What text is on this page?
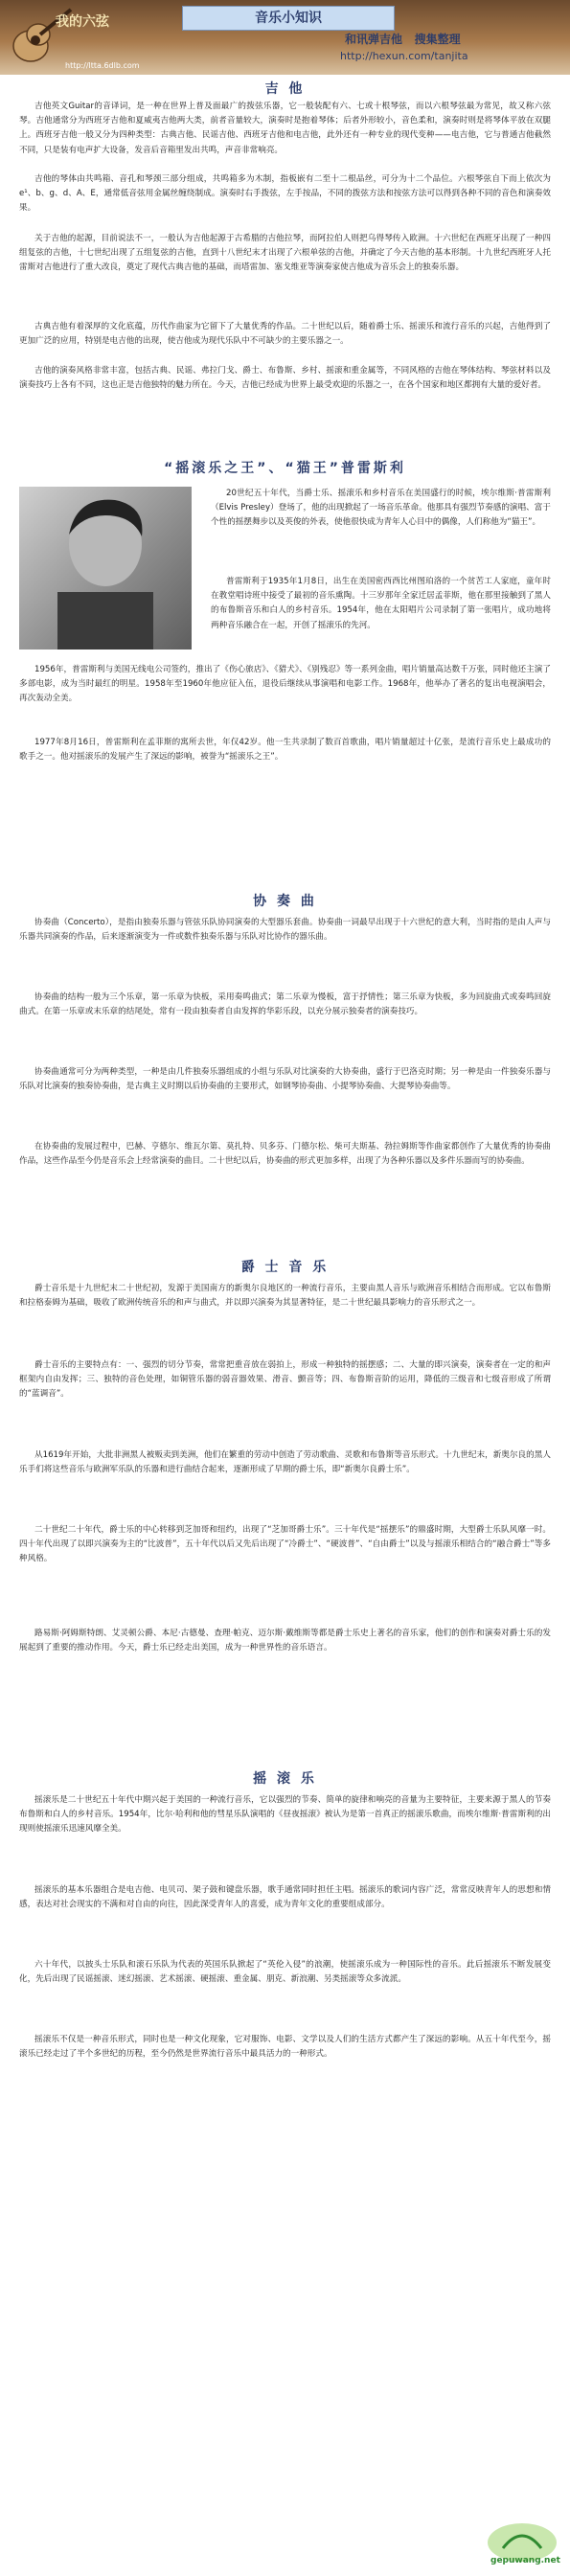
我的六弦
http://ltta.6dlb.com
音乐小知识
和讯弹吉他 搜集整理
http://hexun.com/tanjita
吉 他

吉他英文Guitar的音译词，是一种在世界上普及面最广的拨弦乐器，它一般装配有六、七或十根琴弦，而以六根琴弦最为常见，故又称六弦琴。吉他通常分为西班牙吉他和夏威夷吉他两大类，前者音量较大，演奏时是抱着琴体；后者外形较小，音色柔和，演奏时则是将琴体平放在双腿上。西班牙吉他一般又分为四种类型：古典吉他、民谣吉他、西班牙吉他和电吉他，此外还有一种专业的现代变种——电吉他，它与普通吉他截然不同，只是装有电声扩大设备，发音后音箱里发出共鸣，声音非常响亮。

吉他的琴体由共鸣箱、音孔和琴颈三部分组成，共鸣箱多为木制，指板嵌有二至十二根品丝，可分为十二个品位。六根琴弦自下而上依次为e¹、b、g、d、A、E，通常低音弦用金属丝缠绕制成。演奏时右手拨弦，左手按品，不同的拨弦方法和按弦方法可以得到各种不同的音色和演奏效果。

关于吉他的起源，目前说法不一，一般认为吉他起源于古希腊的吉他拉琴，而阿拉伯人则把乌得琴传入欧洲。十六世纪在西班牙出现了一种四组复弦的吉他，十七世纪出现了五组复弦的吉他，直到十八世纪末才出现了六根单弦的吉他，并确定了今天吉他的基本形制。十九世纪西班牙人托雷斯对吉他进行了重大改良，奠定了现代古典吉他的基础，而塔雷加、塞戈维亚等演奏家使吉他成为音乐会上的独奏乐器。

古典吉他有着深厚的文化底蕴，历代作曲家为它留下了大量优秀的作品。二十世纪以后，随着爵士乐、摇滚乐和流行音乐的兴起，吉他得到了更加广泛的应用，特别是电吉他的出现，使吉他成为现代乐队中不可缺少的主要乐器之一。

吉他的演奏风格非常丰富，包括古典、民谣、弗拉门戈、爵士、布鲁斯、乡村、摇滚和重金属等，不同风格的吉他在琴体结构、琴弦材料以及演奏技巧上各有不同，这也正是吉他独特的魅力所在。今天，吉他已经成为世界上最受欢迎的乐器之一，在各个国家和地区都拥有大量的爱好者。

“摇滚乐之王”、“猫王”普雷斯利

20世纪五十年代，当爵士乐、摇滚乐和乡村音乐在美国盛行的时候，埃尔维斯·普雷斯利（Elvis Presley）登场了，他的出现掀起了一场音乐革命。他那具有强烈节奏感的演唱、富于个性的摇摆舞步以及英俊的外表，使他很快成为青年人心目中的偶像，人们称他为“猫王”。

普雷斯利于1935年1月8日，出生在美国密西西比州图珀洛的一个贫苦工人家庭，童年时在教堂唱诗班中接受了最初的音乐熏陶。十三岁那年全家迁居孟菲斯，他在那里接触到了黑人的布鲁斯音乐和白人的乡村音乐。1954年，他在太阳唱片公司录制了第一张唱片，成功地将两种音乐融合在一起，开创了摇滚乐的先河。

1956年，普雷斯利与美国无线电公司签约，推出了《伤心旅店》、《猎犬》、《别残忍》等一系列金曲，唱片销量高达数千万张，同时他还主演了多部电影，成为当时最红的明星。1958年至1960年他应征入伍，退役后继续从事演唱和电影工作。1968年，他举办了著名的复出电视演唱会，再次轰动全美。

1977年8月16日，普雷斯利在孟菲斯的寓所去世，年仅42岁。他一生共录制了数百首歌曲，唱片销量超过十亿张，是流行音乐史上最成功的歌手之一。他对摇滚乐的发展产生了深远的影响，被誉为“摇滚乐之王”。

协 奏 曲

协奏曲（Concerto），是指由独奏乐器与管弦乐队协同演奏的大型器乐套曲。协奏曲一词最早出现于十六世纪的意大利，当时指的是由人声与乐器共同演奏的作品，后来逐渐演变为一件或数件独奏乐器与乐队对比协作的器乐曲。

协奏曲的结构一般为三个乐章，第一乐章为快板，采用奏鸣曲式；第二乐章为慢板，富于抒情性；第三乐章为快板，多为回旋曲式或奏鸣回旋曲式。在第一乐章或末乐章的结尾处，常有一段由独奏者自由发挥的华彩乐段，以充分展示独奏者的演奏技巧。

协奏曲通常可分为两种类型，一种是由几件独奏乐器组成的小组与乐队对比演奏的大协奏曲，盛行于巴洛克时期；另一种是由一件独奏乐器与乐队对比演奏的独奏协奏曲，是古典主义时期以后协奏曲的主要形式，如钢琴协奏曲、小提琴协奏曲、大提琴协奏曲等。

在协奏曲的发展过程中，巴赫、亨德尔、维瓦尔第、莫扎特、贝多芬、门德尔松、柴可夫斯基、勃拉姆斯等作曲家都创作了大量优秀的协奏曲作品，这些作品至今仍是音乐会上经常演奏的曲目。二十世纪以后，协奏曲的形式更加多样，出现了为各种乐器以及多件乐器而写的协奏曲。

爵 士 音 乐

爵士音乐是十九世纪末二十世纪初，发源于美国南方的新奥尔良地区的一种流行音乐，主要由黑人音乐与欧洲音乐相结合而形成。它以布鲁斯和拉格泰姆为基础，吸收了欧洲传统音乐的和声与曲式，并以即兴演奏为其显著特征，是二十世纪最具影响力的音乐形式之一。

爵士音乐的主要特点有：一、强烈的切分节奏，常常把重音放在弱拍上，形成一种独特的摇摆感；二、大量的即兴演奏，演奏者在一定的和声框架内自由发挥；三、独特的音色处理，如铜管乐器的弱音器效果、滑音、颤音等；四、布鲁斯音阶的运用，降低的三级音和七级音形成了所谓的“蓝调音”。

从1619年开始，大批非洲黑人被贩卖到美洲，他们在繁重的劳动中创造了劳动歌曲、灵歌和布鲁斯等音乐形式。十九世纪末，新奥尔良的黑人乐手们将这些音乐与欧洲军乐队的乐器和进行曲结合起来，逐渐形成了早期的爵士乐，即“新奥尔良爵士乐”。

二十世纪二十年代，爵士乐的中心转移到芝加哥和纽约，出现了“芝加哥爵士乐”。三十年代是“摇摆乐”的鼎盛时期，大型爵士乐队风靡一时。四十年代出现了以即兴演奏为主的“比波普”，五十年代以后又先后出现了“冷爵士”、“硬波普”、“自由爵士”以及与摇滚乐相结合的“融合爵士”等多种风格。

路易斯·阿姆斯特朗、艾灵顿公爵、本尼·古德曼、查理·帕克、迈尔斯·戴维斯等都是爵士乐史上著名的音乐家，他们的创作和演奏对爵士乐的发展起到了重要的推动作用。今天，爵士乐已经走出美国，成为一种世界性的音乐语言。

摇 滚 乐

摇滚乐是二十世纪五十年代中期兴起于美国的一种流行音乐，它以强烈的节奏、简单的旋律和响亮的音量为主要特征，主要来源于黑人的节奏布鲁斯和白人的乡村音乐。1954年，比尔·哈利和他的彗星乐队演唱的《昼夜摇滚》被认为是第一首真正的摇滚乐歌曲，而埃尔维斯·普雷斯利的出现则使摇滚乐迅速风靡全美。

摇滚乐的基本乐器组合是电吉他、电贝司、架子鼓和键盘乐器，歌手通常同时担任主唱。摇滚乐的歌词内容广泛，常常反映青年人的思想和情感，表达对社会现实的不满和对自由的向往，因此深受青年人的喜爱，成为青年文化的重要组成部分。

六十年代，以披头士乐队和滚石乐队为代表的英国乐队掀起了“英伦入侵”的浪潮，使摇滚乐成为一种国际性的音乐。此后摇滚乐不断发展变化，先后出现了民谣摇滚、迷幻摇滚、艺术摇滚、硬摇滚、重金属、朋克、新浪潮、另类摇滚等众多流派。

摇滚乐不仅是一种音乐形式，同时也是一种文化现象，它对服饰、电影、文学以及人们的生活方式都产生了深远的影响。从五十年代至今，摇滚乐已经走过了半个多世纪的历程，至今仍然是世界流行音乐中最具活力的一种形式。

gepuwang.net
